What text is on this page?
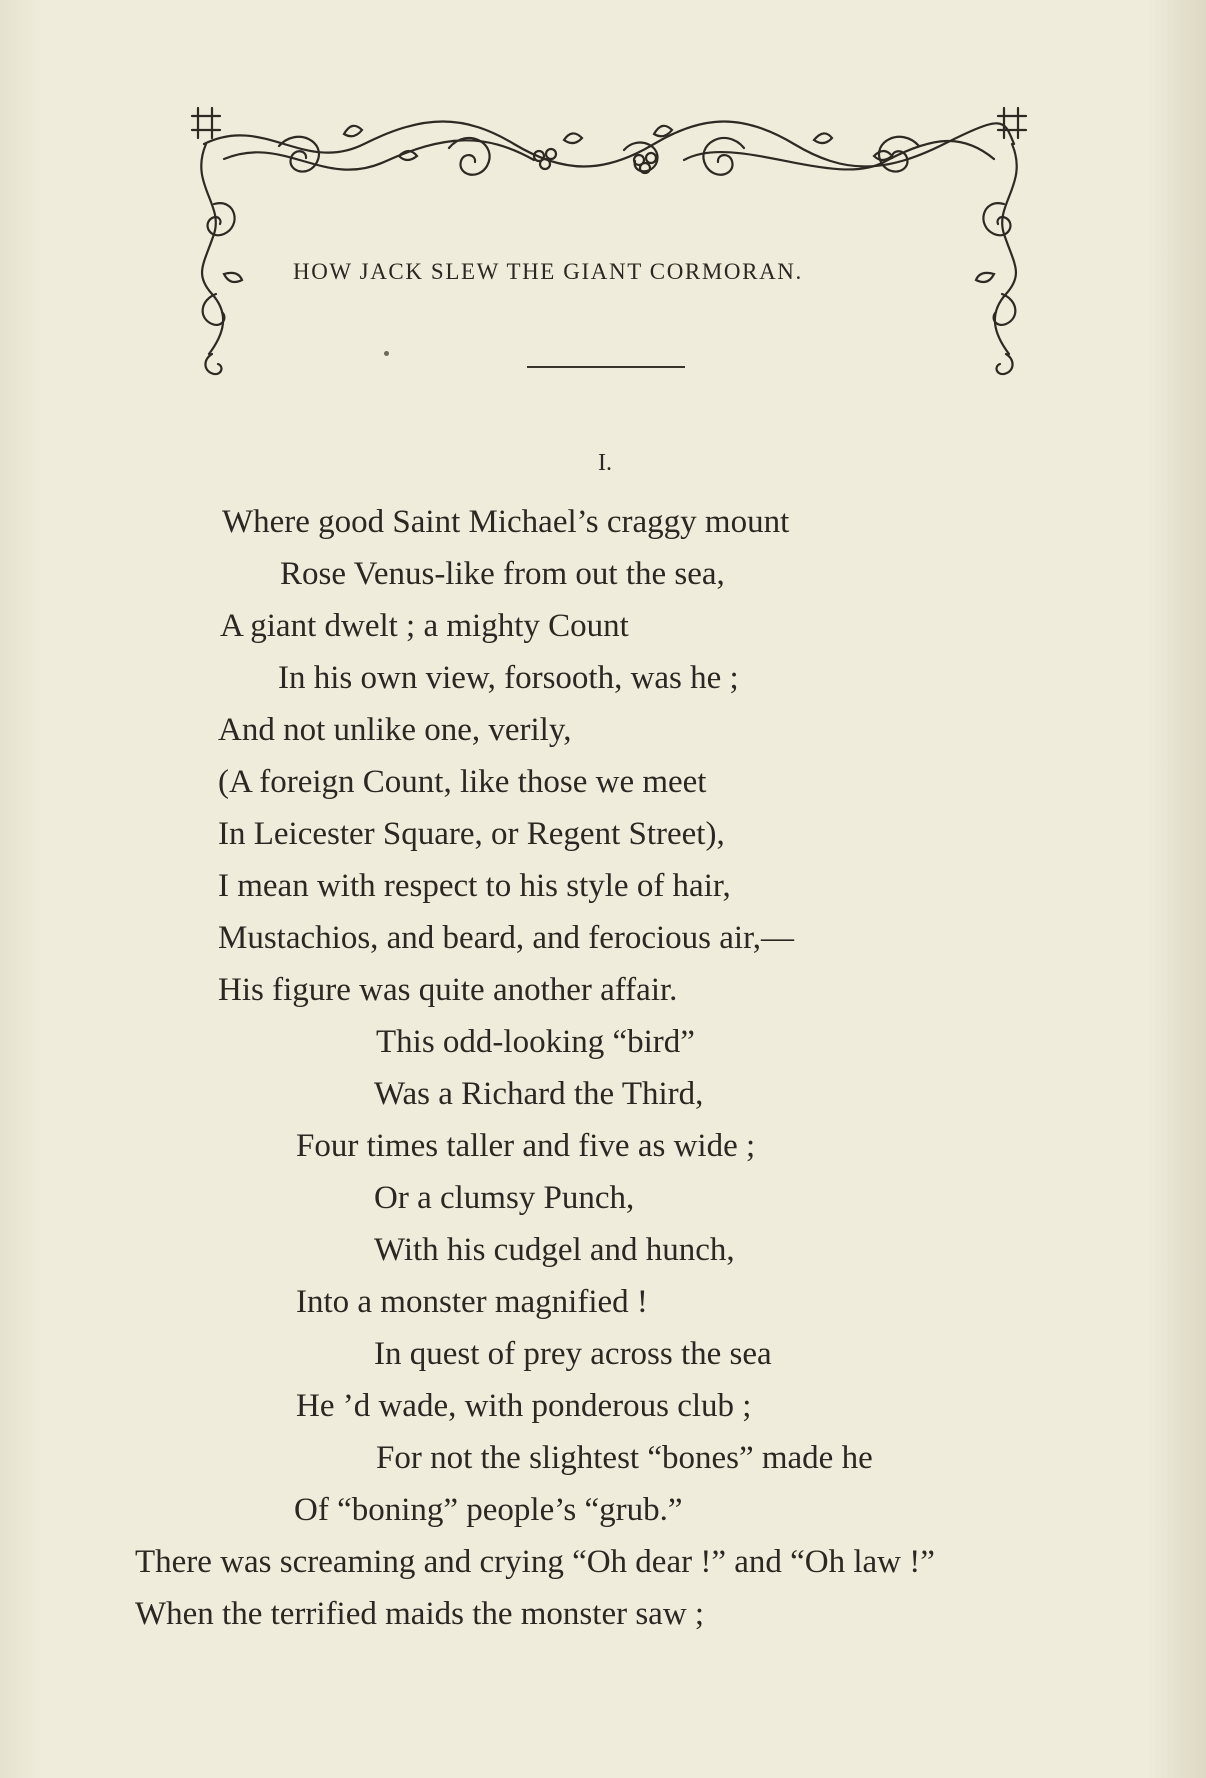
HOW JACK SLEW THE GIANT CORMORAN.
I.
Where good Saint Michael’s craggy mount
Rose Venus-like from out the sea,
A giant dwelt ; a mighty Count
In his own view, forsooth, was he ;
And not unlike one, verily,
(A foreign Count, like those we meet
In Leicester Square, or Regent Street),
I mean with respect to his style of hair,
Mustachios, and beard, and ferocious air,—
His figure was quite another affair.
This odd-looking “bird”
Was a Richard the Third,
Four times taller and five as wide ;
Or a clumsy Punch,
With his cudgel and hunch,
Into a monster magnified !
In quest of prey across the sea
He ’d wade, with ponderous club ;
For not the slightest “bones” made he
Of “boning” people’s “grub.”
There was screaming and crying “Oh dear !” and “Oh law !”
When the terrified maids the monster saw ;
